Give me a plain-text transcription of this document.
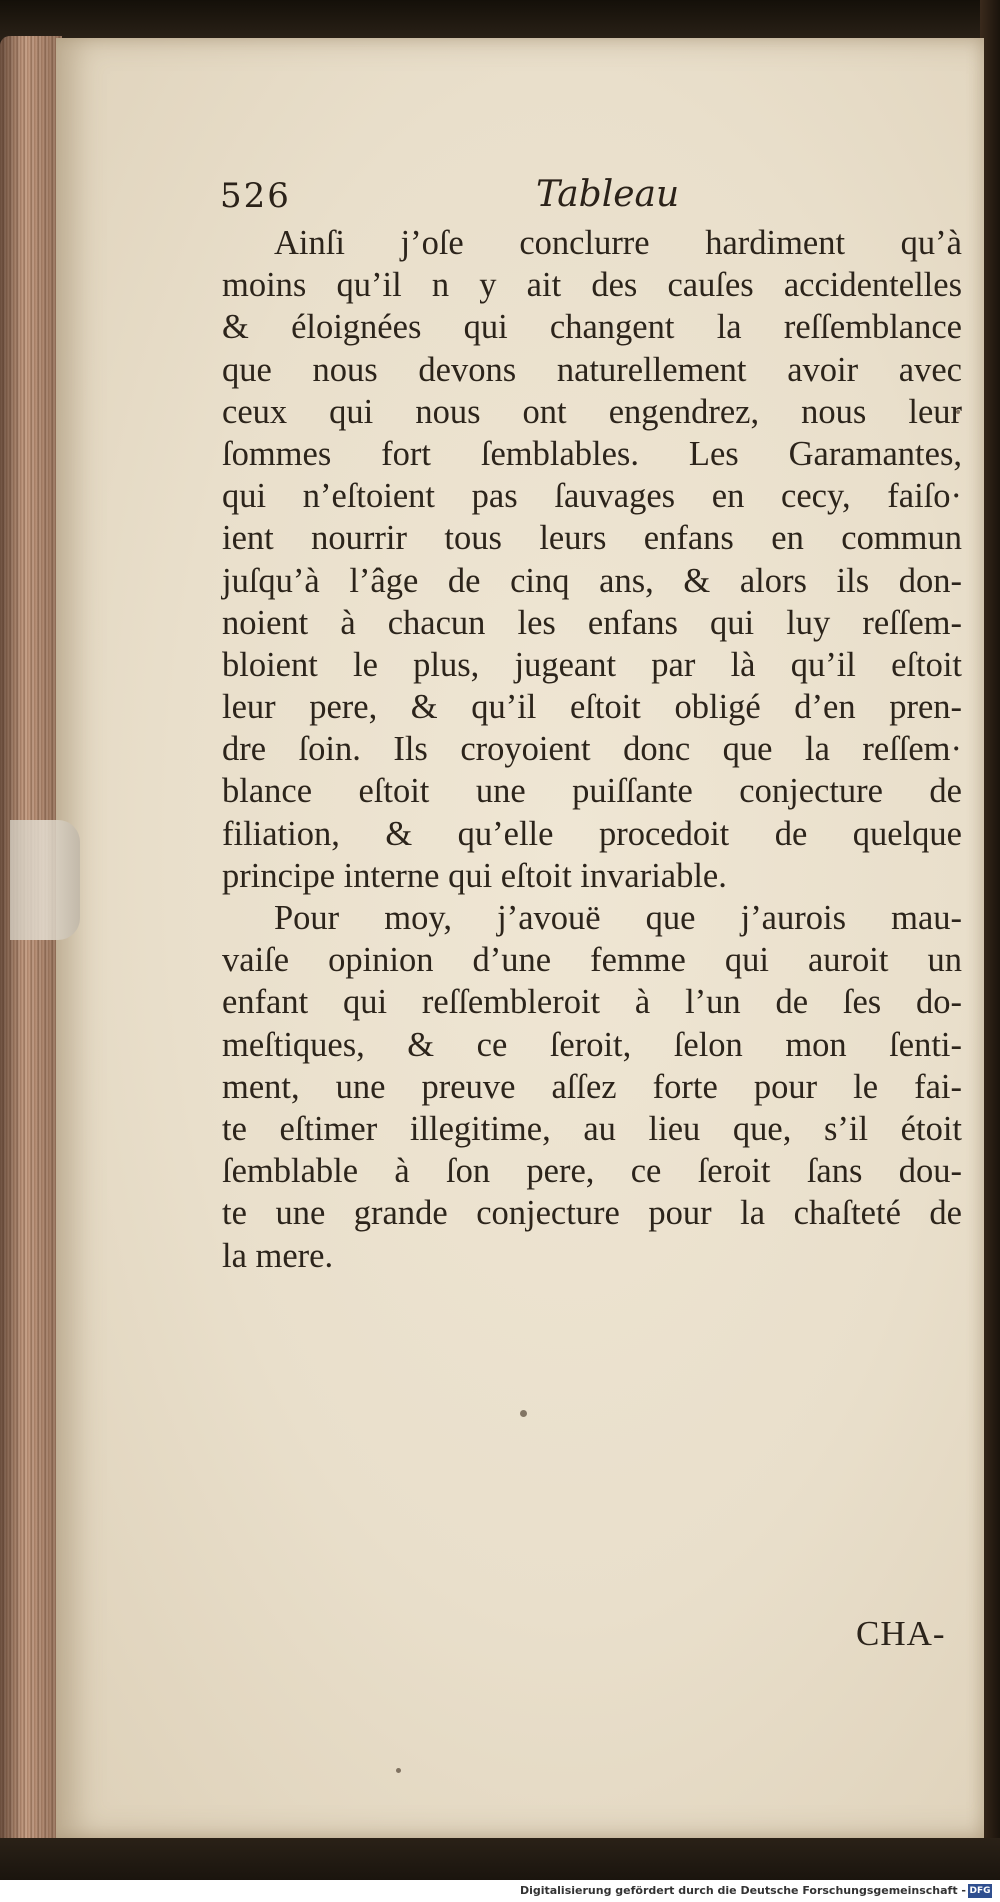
526	Tableau
Ainſi j’oſe conclurre hardiment qu’à
moins qu’il n y ait des cauſes accidentelles
& éloignées qui changent la reſſemblance
que nous devons naturellement avoir avec
ceux qui nous ont engendrez, nous leur
ſommes fort ſemblables. Les Garamantes,
qui n’eſtoient pas ſauvages en cecy, faiſo·
ient nourrir tous leurs enfans en commun
juſqu’à l’âge de cinq ans, & alors ils don-
noient à chacun les enfans qui luy reſſem-
bloient le plus, jugeant par là qu’il eſtoit
leur pere, & qu’il eſtoit obligé d’en pren-
dre ſoin. Ils croyoient donc que la reſſem·
blance eſtoit une puiſſante conjecture de
filiation, & qu’elle procedoit de quelque
principe interne qui eſtoit invariable.
Pour moy, j’avouë que j’aurois mau-
vaiſe opinion d’une femme qui auroit un
enfant qui reſſembleroit à l’un de ſes do-
meſtiques, & ce ſeroit, ſelon mon ſenti-
ment, une preuve aſſez forte pour le fai-
te eſtimer illegitime, au lieu que, s’il étoit
ſemblable à ſon pere, ce ſeroit ſans dou-
te une grande conjecture pour la chaſteté de
la mere.
CHA-
Digitalisierung gefördert durch die Deutsche Forschungsgemeinschaft - DFG
